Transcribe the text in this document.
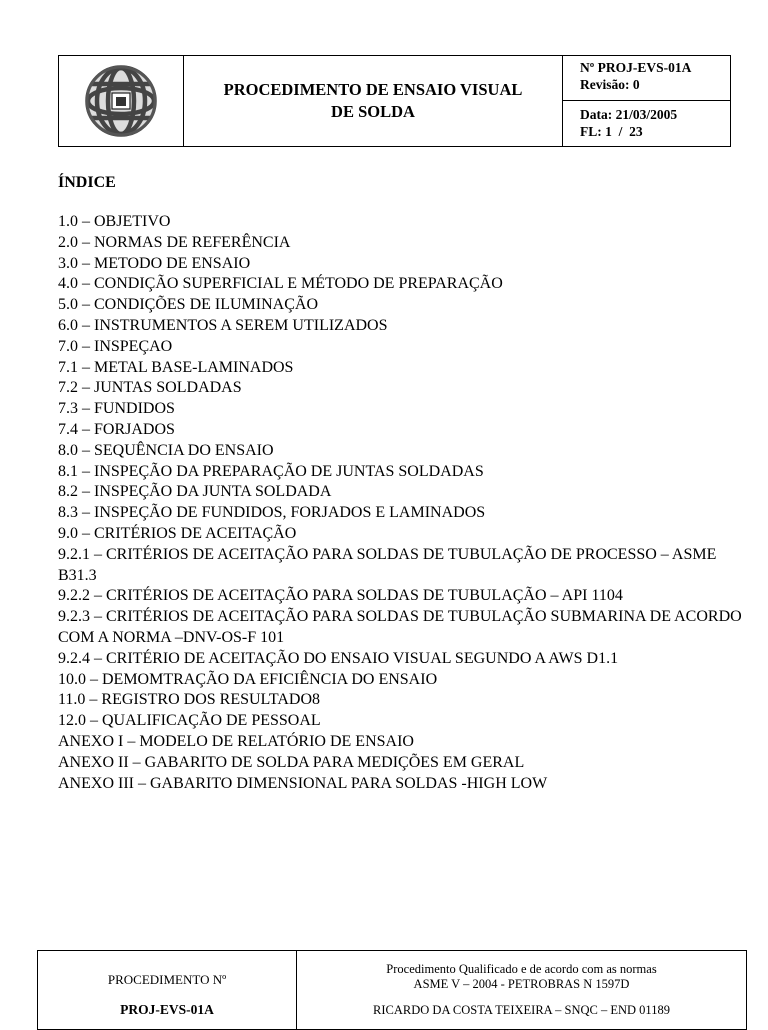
PROCEDIMENTO DE ENSAIO VISUAL
DE SOLDA
Nº PROJ-EVS-01A
Revisão: 0
Data: 21/03/2005
FL: 1  /  23
ÍNDICE
1.0 – OBJETIVO
2.0 – NORMAS DE REFERÊNCIA
3.0 – METODO DE ENSAIO
4.0 – CONDIÇÃO SUPERFICIAL E MÉTODO DE PREPARAÇÃO
5.0 – CONDIÇÕES DE ILUMINAÇÃO
6.0 – INSTRUMENTOS A SEREM UTILIZADOS
7.0 – INSPEÇAO
7.1 – METAL BASE-LAMINADOS
7.2 – JUNTAS SOLDADAS
7.3 – FUNDIDOS
7.4 – FORJADOS
8.0 – SEQUÊNCIA DO ENSAIO
8.1 – INSPEÇÃO DA PREPARAÇÃO DE JUNTAS SOLDADAS
8.2 – INSPEÇÃO DA JUNTA SOLDADA
8.3 – INSPEÇÃO DE FUNDIDOS, FORJADOS E LAMINADOS
9.0 – CRITÉRIOS DE ACEITAÇÃO
9.2.1 – CRITÉRIOS DE ACEITAÇÃO PARA SOLDAS DE TUBULAÇÃO DE PROCESSO – ASME B31.3
9.2.2 – CRITÉRIOS DE ACEITAÇÃO PARA SOLDAS DE TUBULAÇÃO – API 1104
9.2.3 – CRITÉRIOS DE ACEITAÇÃO PARA SOLDAS DE TUBULAÇÃO SUBMARINA DE ACORDO COM A NORMA –DNV-OS-F 101
9.2.4 – CRITÉRIO DE ACEITAÇÃO DO ENSAIO VISUAL SEGUNDO A AWS D1.1
10.0 – DEMOMTRAÇÃO DA EFICIÊNCIA DO ENSAIO
11.0 – REGISTRO DOS RESULTADO8
12.0 – QUALIFICAÇÃO DE PESSOAL
ANEXO I – MODELO DE RELATÓRIO DE ENSAIO
ANEXO II – GABARITO DE SOLDA PARA MEDIÇÕES EM GERAL
ANEXO III – GABARITO DIMENSIONAL PARA SOLDAS -HIGH LOW
PROCEDIMENTO Nº
PROJ-EVS-01A
Procedimento Qualificado e de acordo com as normas
ASME V – 2004 - PETROBRAS N 1597D
RICARDO DA COSTA TEIXEIRA – SNQC – END 01189
